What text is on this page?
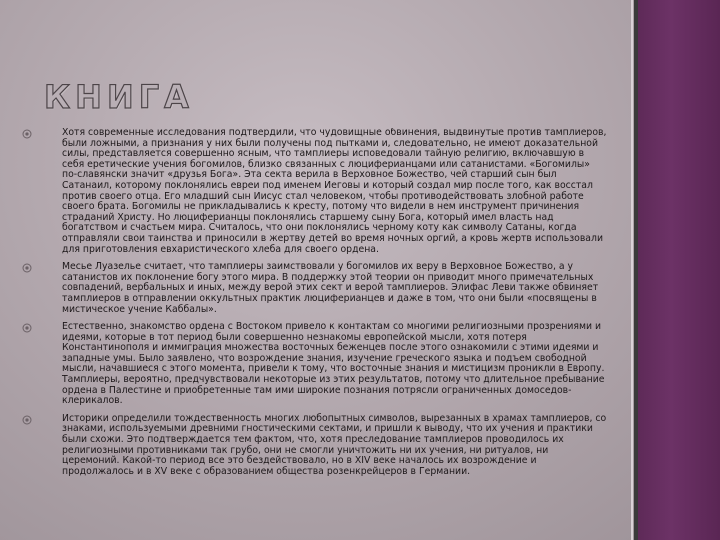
КНИГА
Хотя современные исследования подтвердили, что чудовищные обвинения, выдвинутые против тамплиеров, были ложными, а признания у них были получены под пытками и, следовательно, не имеют доказательной силы, представляется совершенно ясным, что тамплиеры исповедовали тайную религию, включавшую в себя еретические учения богомилов, близко связанных с люциферианцами или сатанистами. «Богомилы» по-славянски значит «друзья Бога». Эта секта верила в Верховное Божество, чей старший сын был Сатанаил, которому поклонялись евреи под именем Иеговы и который создал мир после того, как восстал против своего отца. Его младший сын Иисус стал человеком, чтобы противодействовать злобной работе своего брата. Богомилы не прикладывались к кресту, потому что видели в нем инструмент причинения страданий Христу. Но люциферианцы поклонялись старшему сыну Бога, который имел власть над богатством и счастьем мира. Считалось, что они поклонялись черному коту как символу Сатаны, когда отправляли свои таинства и приносили в жертву детей во время ночных оргий, а кровь жертв использовали для приготовления евхаристического хлеба для своего ордена.
Месье Луазелье считает, что тамплиеры заимствовали у богомилов их веру в Верховное Божество, а у сатанистов их поклонение богу этого мира. В поддержку этой теории он приводит много примечательных совпадений, вербальных и иных, между верой этих сект и верой тамплиеров. Элифас Леви также обвиняет тамплиеров в отправлении оккультных практик люциферианцев и даже в том, что они были «посвящены в мистическое учение Каббалы».
Естественно, знакомство ордена с Востоком привело к контактам со многими религиозными прозрениями и идеями, которые в тот период были совершенно незнакомы европейской мысли, хотя потеря Константинополя и иммиграция множества восточных беженцев после этого ознакомили с этими идеями и западные умы. Было заявлено, что возрождение знания, изучение греческого языка и подъем свободной мысли, начавшиеся с этого момента, привели к тому, что восточные знания и мистицизм проникли в Европу. Тамплиеры, вероятно, предчувствовали некоторые из этих результатов, потому что длительное пребывание ордена в Палестине и приобретенные там ими широкие познания потрясли ограниченных домоседов-клерикалов.
Историки определили тождественность многих любопытных символов, вырезанных в храмах тамплиеров, со знаками, используемыми древними гностическими сектами, и пришли к выводу, что их учения и практики были схожи. Это подтверждается тем фактом, что, хотя преследование тамплиеров проводилось их религиозными противниками так грубо, они не смогли уничтожить ни их учения, ни ритуалов, ни церемоний. Какой-то период все это бездействовало, но в XIV веке началось их возрождение и продолжалось и в XV веке с образованием общества розенкрейцеров в Германии.
